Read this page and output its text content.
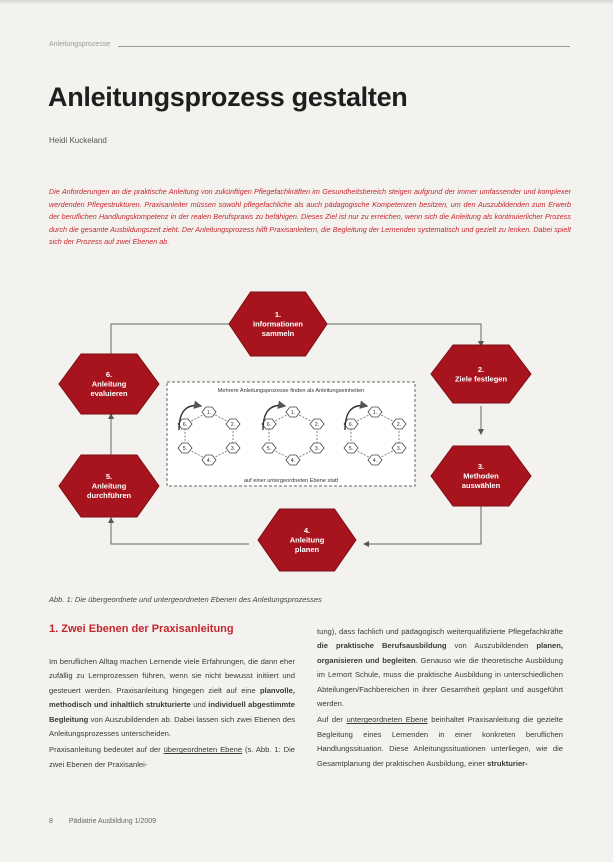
Anleitungsprozesse
Anleitungsprozess gestalten
Heidi Kuckeland
Die Anforderungen an die praktische Anleitung von zukünftigen Pflegefachkräften im Gesundheitsbereich steigen aufgrund der immer umfassender und komplexer werdenden Pflegestrukturen. Praxisanleiter müssen sowohl pflegefachliche als auch pädagogische Kompetenzen besitzen, um den Auszubildenden zum Erwerb der beruflichen Handlungskompetenz in der realen Berufspraxis zu befähigen. Dieses Ziel ist nur zu erreichen, wenn sich die Anleitung als kontinuierlicher Prozess durch die gesamte Ausbildungszeit zieht. Der Anleitungsprozess hilft Praxisanleitern, die Begleitung der Lernenden systematisch und gezielt zu lenken. Dabei spielt sich der Prozess auf zwei Ebenen ab.
1. Informationen sammeln
2. Ziele festlegen
3. Methoden auswählen
4. Anleitung planen
5. Anleitung durchführen
6. Anleitung evaluieren	Mehrere Anleitungsprozesse finden als Anleitungseinheiten
auf einer untergeordneten Ebene statt
1.
2.
3.
4.
5.
6.
1.
2.
3.
4.
5.
6.
1.
2.
3.
4.
5.
6.
Abb. 1: Die übergeordnete und untergeordneten Ebenen des Anleitungsprozesses
1. Zwei Ebenen der Praxisanleitung

Im beruflichen Alltag machen Lernende viele Erfahrungen, die dann eher zufällig zu Lernprozessen führen, wenn sie nicht bewusst initiiert und gesteuert werden. Praxisanleitung hingegen zielt auf eine planvolle, methodisch und inhaltlich strukturierte und individuell abgestimmte Begleitung von Auszubildenden ab. Dabei lassen sich zwei Ebenen des Anleitungsprozesses unterscheiden.

Praxisanleitung bedeutet auf der übergeordneten Ebene (s. Abb. 1: Die zwei Ebenen der Praxisanlei-

tung), dass fachlich und pädagogisch weiterqualifizierte Pflegefachkräfte die praktische Berufsausbildung von Auszubildenden planen, organisieren und begleiten. Genauso wie die theoretische Ausbildung im Lernort Schule, muss die praktische Ausbildung in unterschiedlichen Abteilungen/Fachbereichen in ihrer Gesamtheit geplant und ausgeführt werden.

Auf der untergeordneten Ebene beinhaltet Praxisanleitung die gezielte Begleitung eines Lernenden in einer konkreten beruflichen Handlungssituation. Diese Anleitungssituationen unterliegen, wie die Gesamtplanung der praktischen Ausbildung, einer strukturier-

8 Pädiatrie Ausbildung 1/2009
